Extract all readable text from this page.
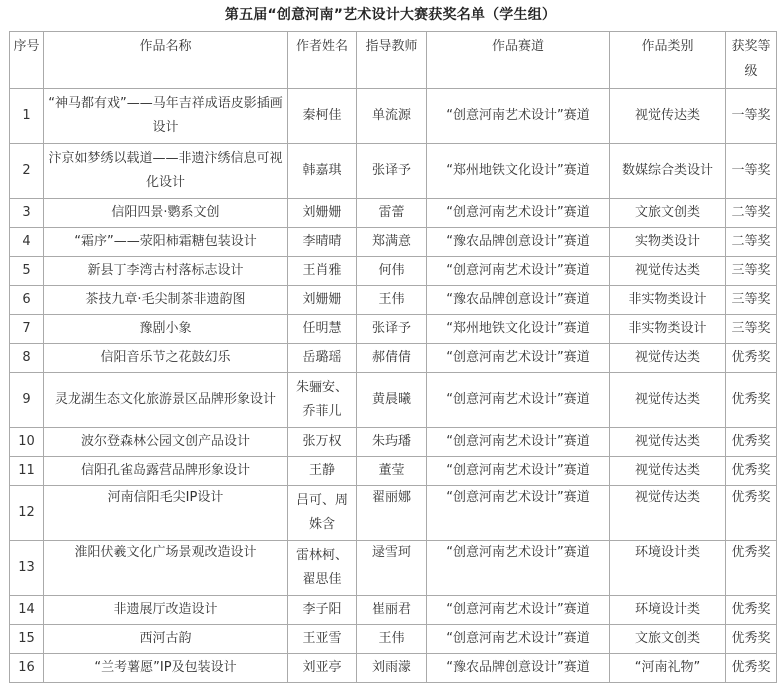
第五届“创意河南”艺术设计大赛获奖名单（学生组）
序号	作品名称	作者姓名	指导教师	作品赛道	作品类别	获奖等级
1	“神马都有戏”——马年吉祥成语皮影插画设计	秦柯佳	单流源	“创意河南艺术设计”赛道	视觉传达类	一等奖
2	汴京如梦绣以载道——非遗汴绣信息可视化设计	韩嘉琪	张译予	“郑州地铁文化设计”赛道	数媒综合类设计	一等奖
3	信阳四景·鹦系文创	刘姗姗	雷蕾	“创意河南艺术设计”赛道	文旅文创类	二等奖
4	“霜序”——荥阳柿霜糖包装设计	李晴晴	郑满意	“豫农品牌创意设计”赛道	实物类设计	二等奖
5	新县丁李湾古村落标志设计	王肖雅	何伟	“创意河南艺术设计”赛道	视觉传达类	三等奖
6	茶技九章·毛尖制茶非遗韵图	刘姗姗	王伟	“豫农品牌创意设计”赛道	非实物类设计	三等奖
7	豫剧小象	任明慧	张译予	“郑州地铁文化设计”赛道	非实物类设计	三等奖
8	信阳音乐节之花鼓幻乐	岳璐瑶	郝倩倩	“创意河南艺术设计”赛道	视觉传达类	优秀奖
9	灵龙湖生态文化旅游景区品牌形象设计	朱骊安、乔菲儿	黄晨曦	“创意河南艺术设计”赛道	视觉传达类	优秀奖
10	波尔登森林公园文创产品设计	张万权	朱玙璠	“创意河南艺术设计”赛道	视觉传达类	优秀奖
11	信阳孔雀岛露营品牌形象设计	王静	董莹	“创意河南艺术设计”赛道	视觉传达类	优秀奖
12	河南信阳毛尖IP设计	吕可、周姝含	翟丽娜	“创意河南艺术设计”赛道	视觉传达类	优秀奖
13	淮阳伏羲文化广场景观改造设计	雷林柯、翟思佳	逯雪珂	“创意河南艺术设计”赛道	环境设计类	优秀奖
14	非遗展厅改造设计	李子阳	崔丽君	“创意河南艺术设计”赛道	环境设计类	优秀奖
15	西河古韵	王亚雪	王伟	“创意河南艺术设计”赛道	文旅文创类	优秀奖
16	“兰考薯愿”IP及包装设计	刘亚亭	刘雨濛	“豫农品牌创意设计”赛道	“河南礼物”	优秀奖
